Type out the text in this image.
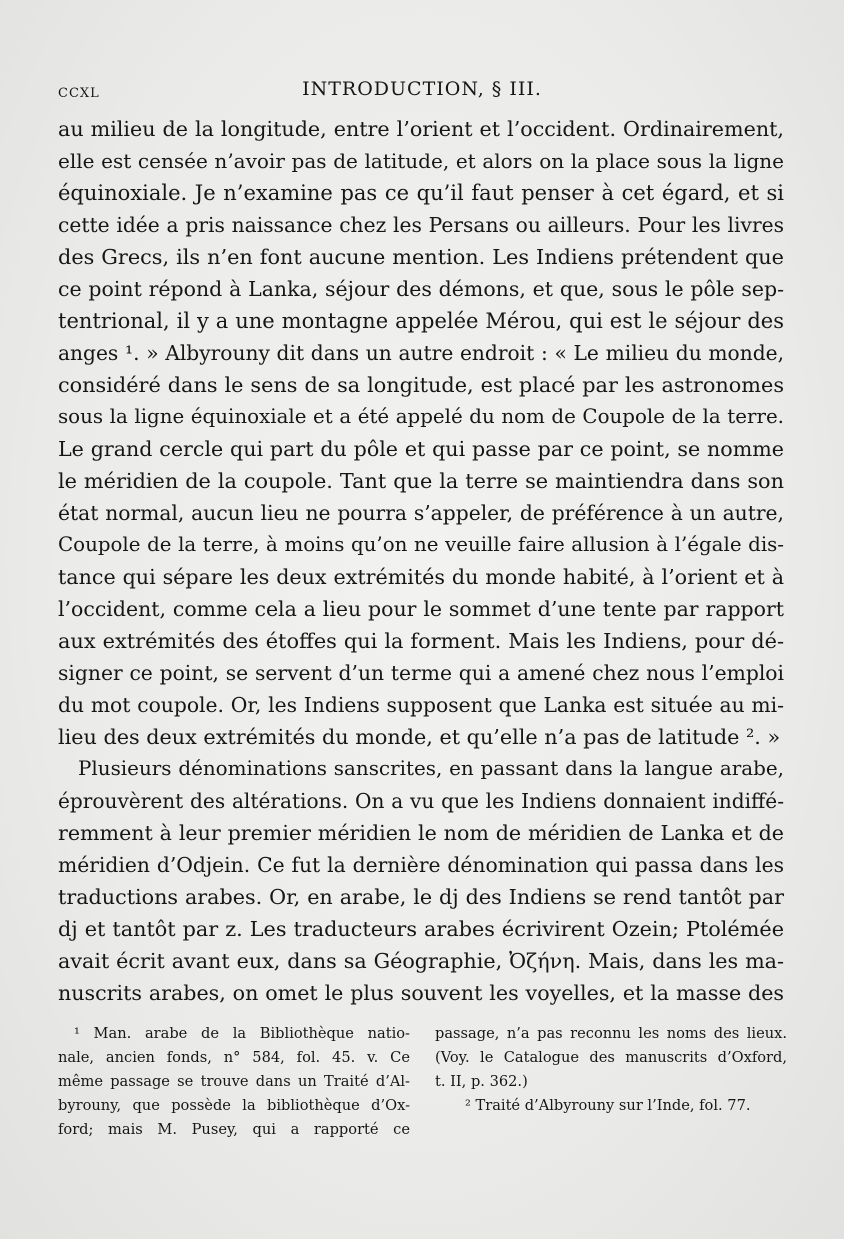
CCXL	INTRODUCTION, § III.
au milieu de la longitude, entre l’orient et l’occident. Ordinairement,
elle est censée n’avoir pas de latitude, et alors on la place sous la ligne
équinoxiale. Je n’examine pas ce qu’il faut penser à cet égard, et si
cette idée a pris naissance chez les Persans ou ailleurs. Pour les livres
des Grecs, ils n’en font aucune mention. Les Indiens prétendent que
ce point répond à Lanka, séjour des démons, et que, sous le pôle sep-
tentrional, il y a une montagne appelée Mérou, qui est le séjour des
anges ¹. » Albyrouny dit dans un autre endroit : « Le milieu du monde,
considéré dans le sens de sa longitude, est placé par les astronomes
sous la ligne équinoxiale et a été appelé du nom de Coupole de la terre.
Le grand cercle qui part du pôle et qui passe par ce point, se nomme
le méridien de la coupole. Tant que la terre se maintiendra dans son
état normal, aucun lieu ne pourra s’appeler, de préférence à un autre,
Coupole de la terre, à moins qu’on ne veuille faire allusion à l’égale dis-
tance qui sépare les deux extrémités du monde habité, à l’orient et à
l’occident, comme cela a lieu pour le sommet d’une tente par rapport
aux extrémités des étoffes qui la forment. Mais les Indiens, pour dé-
signer ce point, se servent d’un terme qui a amené chez nous l’emploi
du mot coupole. Or, les Indiens supposent que Lanka est située au mi-
lieu des deux extrémités du monde, et qu’elle n’a pas de latitude ². »
Plusieurs dénominations sanscrites, en passant dans la langue arabe,
éprouvèrent des altérations. On a vu que les Indiens donnaient indiffé-
remment à leur premier méridien le nom de méridien de Lanka et de
méridien d’Odjein. Ce fut la dernière dénomination qui passa dans les
traductions arabes. Or, en arabe, le dj des Indiens se rend tantôt par
dj et tantôt par z. Les traducteurs arabes écrivirent Ozein; Ptolémée
avait écrit avant eux, dans sa Géographie, Ὀζήνη. Mais, dans les ma-
nuscrits arabes, on omet le plus souvent les voyelles, et la masse des
¹ Man. arabe de la Bibliothèque natio-
nale, ancien fonds, n° 584, fol. 45. v. Ce
même passage se trouve dans un Traité d’Al-
byrouny, que possède la bibliothèque d’Ox-
ford; mais M. Pusey, qui a rapporté ce
passage, n’a pas reconnu les noms des lieux.
(Voy. le Catalogue des manuscrits d’Oxford,
t. II, p. 362.)
² Traité d’Albyrouny sur l’Inde, fol. 77.
